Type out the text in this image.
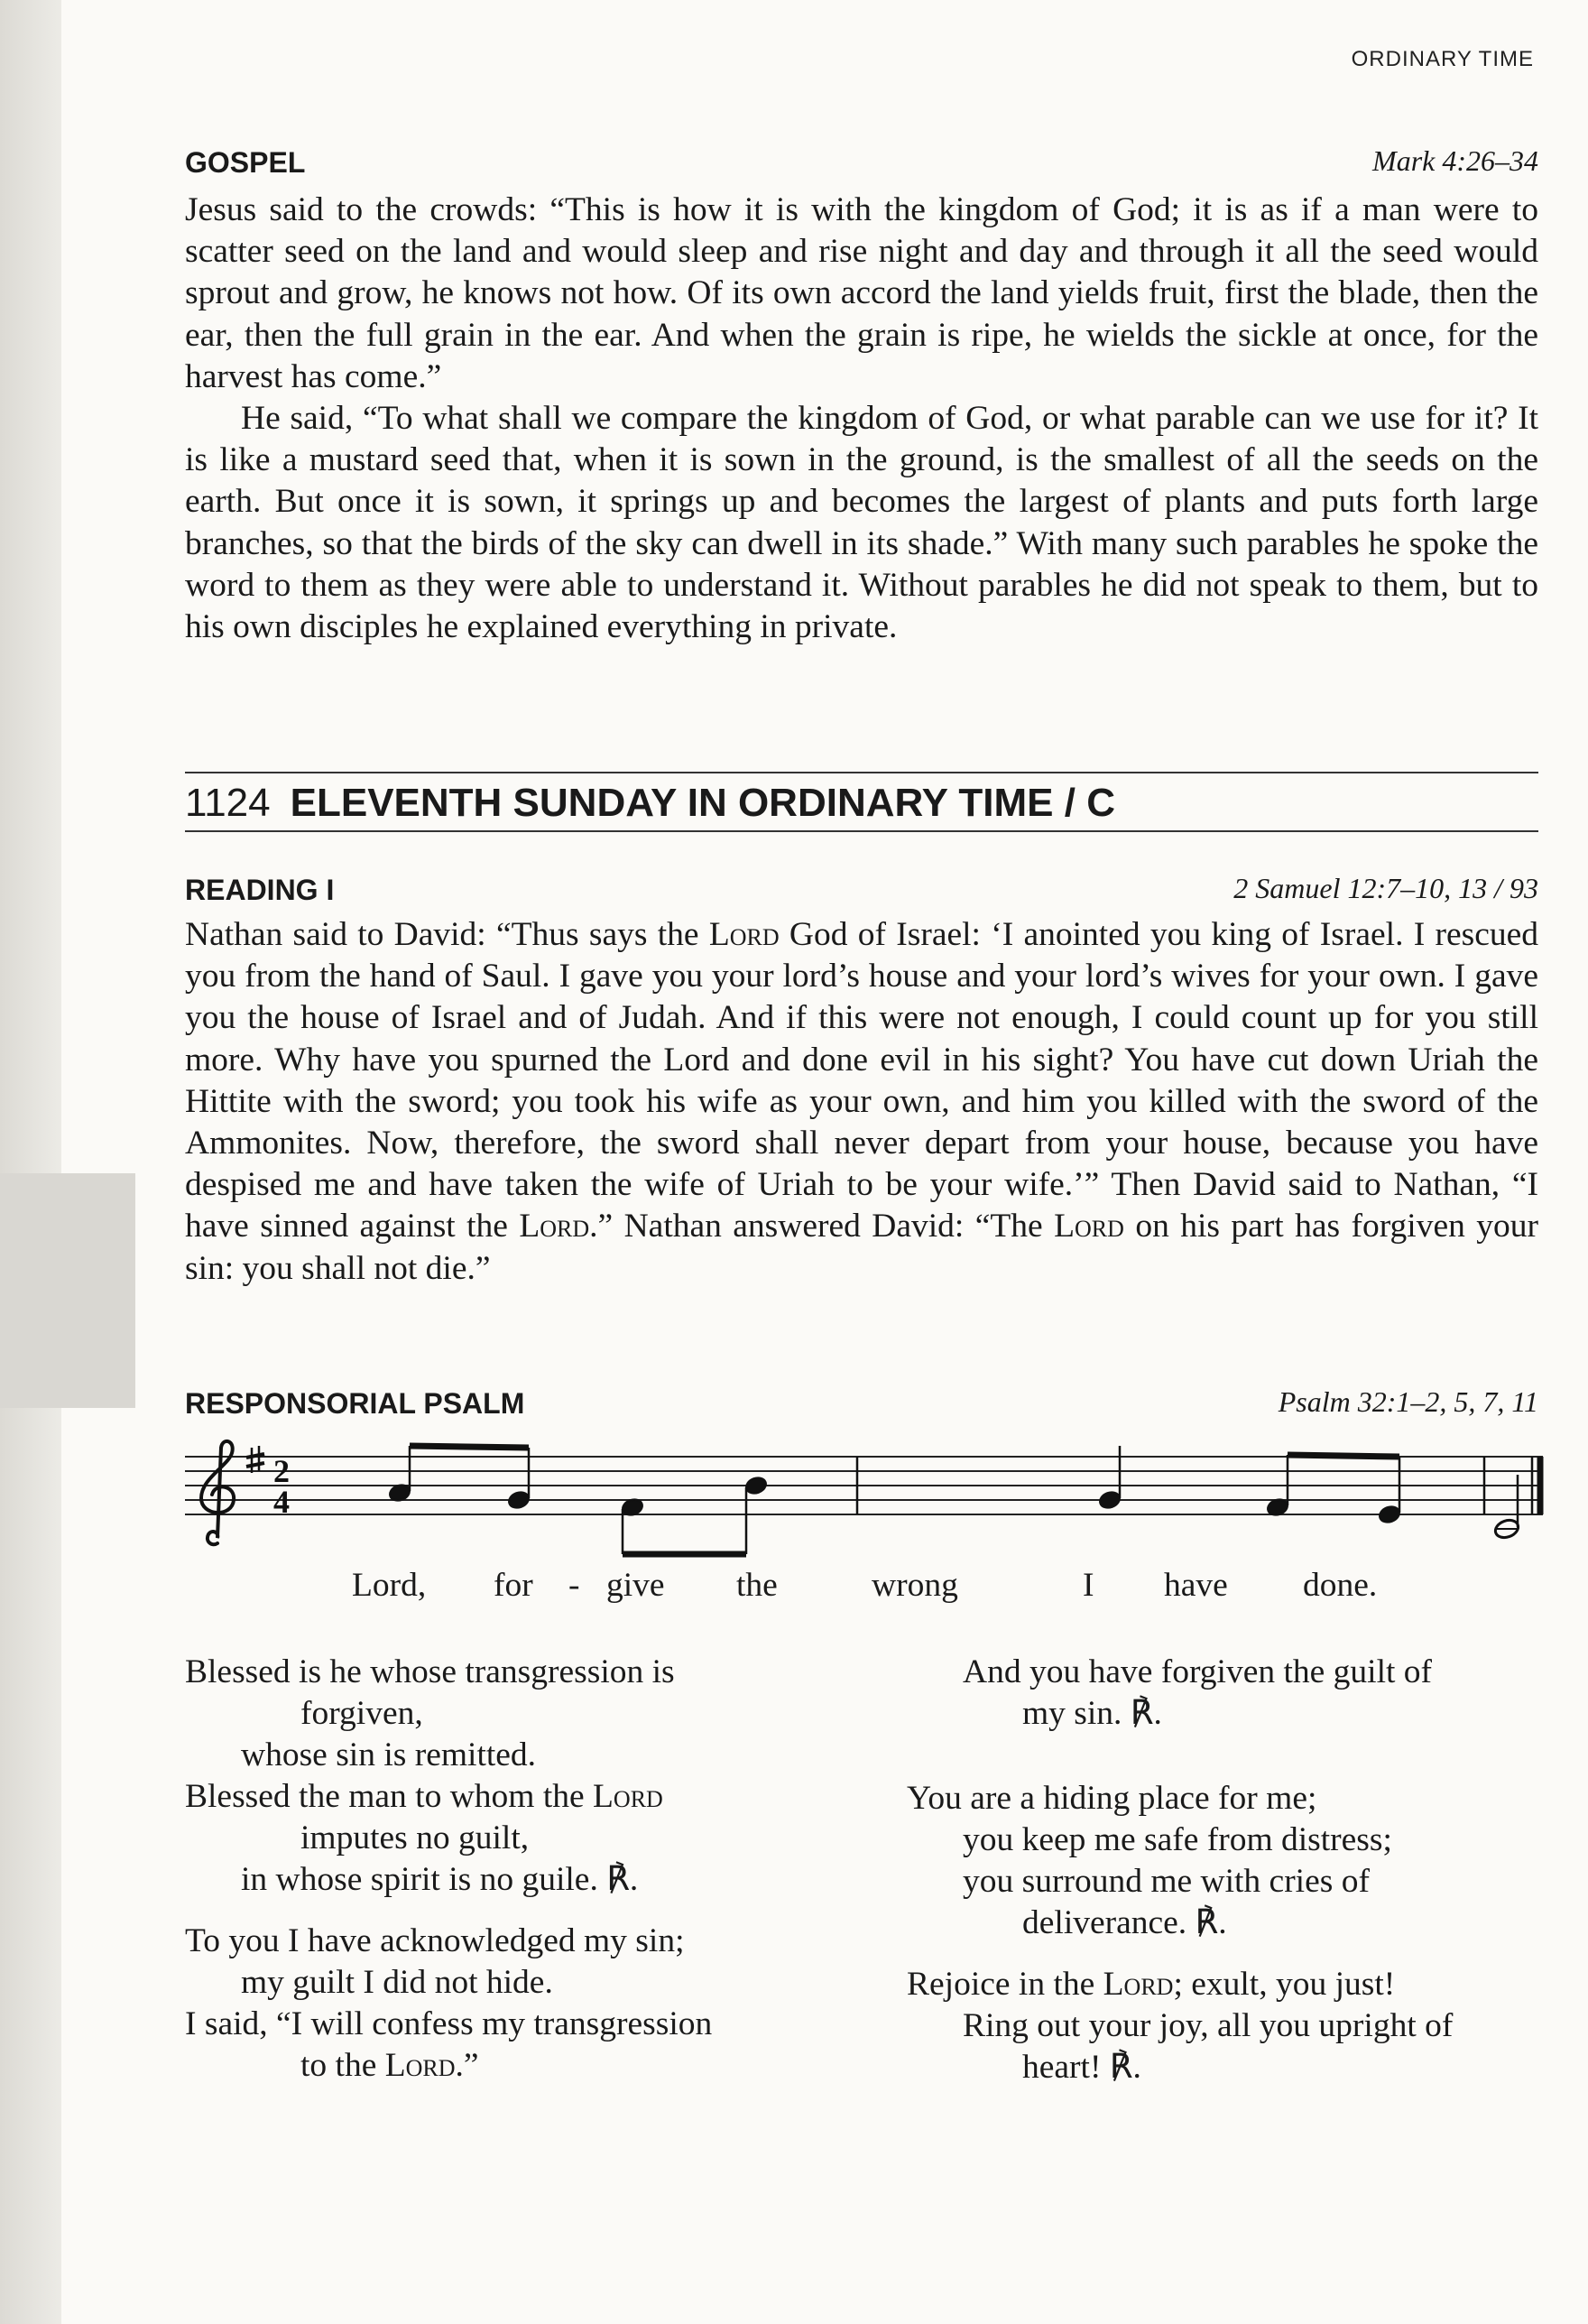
ORDINARY TIME
GOSPEL	Mark 4:26–34

Jesus said to the crowds: “This is how it is with the kingdom of God; it is as if a man were to scatter seed on the land and would sleep and rise night and day and through it all the seed would sprout and grow, he knows not how. Of its own accord the land yields fruit, first the blade, then the ear, then the full grain in the ear. And when the grain is ripe, he wields the sickle at once, for the harvest has come.”

He said, “To what shall we compare the kingdom of God, or what parable can we use for it? It is like a mustard seed that, when it is sown in the ground, is the smallest of all the seeds on the earth. But once it is sown, it springs up and becomes the largest of plants and puts forth large branches, so that the birds of the sky can dwell in its shade.” With many such parables he spoke the word to them as they were able to understand it. Without parables he did not speak to them, but to his own disciples he explained everything in private.

1124 ELEVENTH SUNDAY IN ORDINARY TIME / C
READING I	2 Samuel 12:7–10, 13 / 93

Nathan said to David: “Thus says the Lord God of Israel: ‘I anointed you king of Israel. I rescued you from the hand of Saul. I gave you your lord’s house and your lord’s wives for your own. I gave you the house of Israel and of Judah. And if this were not enough, I could count up for you still more. Why have you spurned the Lord and done evil in his sight? You have cut down Uriah the Hittite with the sword; you took his wife as your own, and him you killed with the sword of the Ammonites. Now, therefore, the sword shall never depart from your house, because you have despised me and have taken the wife of Uriah to be your wife.’” Then David said to Nathan, “I have sinned against the Lord.” Nathan answered David: “The Lord on his part has forgiven your sin: you shall not die.”

RESPONSORIAL PSALM	Psalm 32:1–2, 5, 7, 11
2
4
Lord, for - give the	wrong	I have done.
Blessed is he whose transgression is
forgiven,
whose sin is remitted.
Blessed the man to whom the Lord
imputes no guilt,
in whose spirit is no guile. ℟.
To you I have acknowledged my sin;
my guilt I did not hide.
I said, “I will confess my transgression
to the Lord.”
And you have forgiven the guilt of
my sin. ℟.
You are a hiding place for me;
you keep me safe from distress;
you surround me with cries of
deliverance. ℟.
Rejoice in the Lord; exult, you just!
Ring out your joy, all you upright of
heart! ℟.
